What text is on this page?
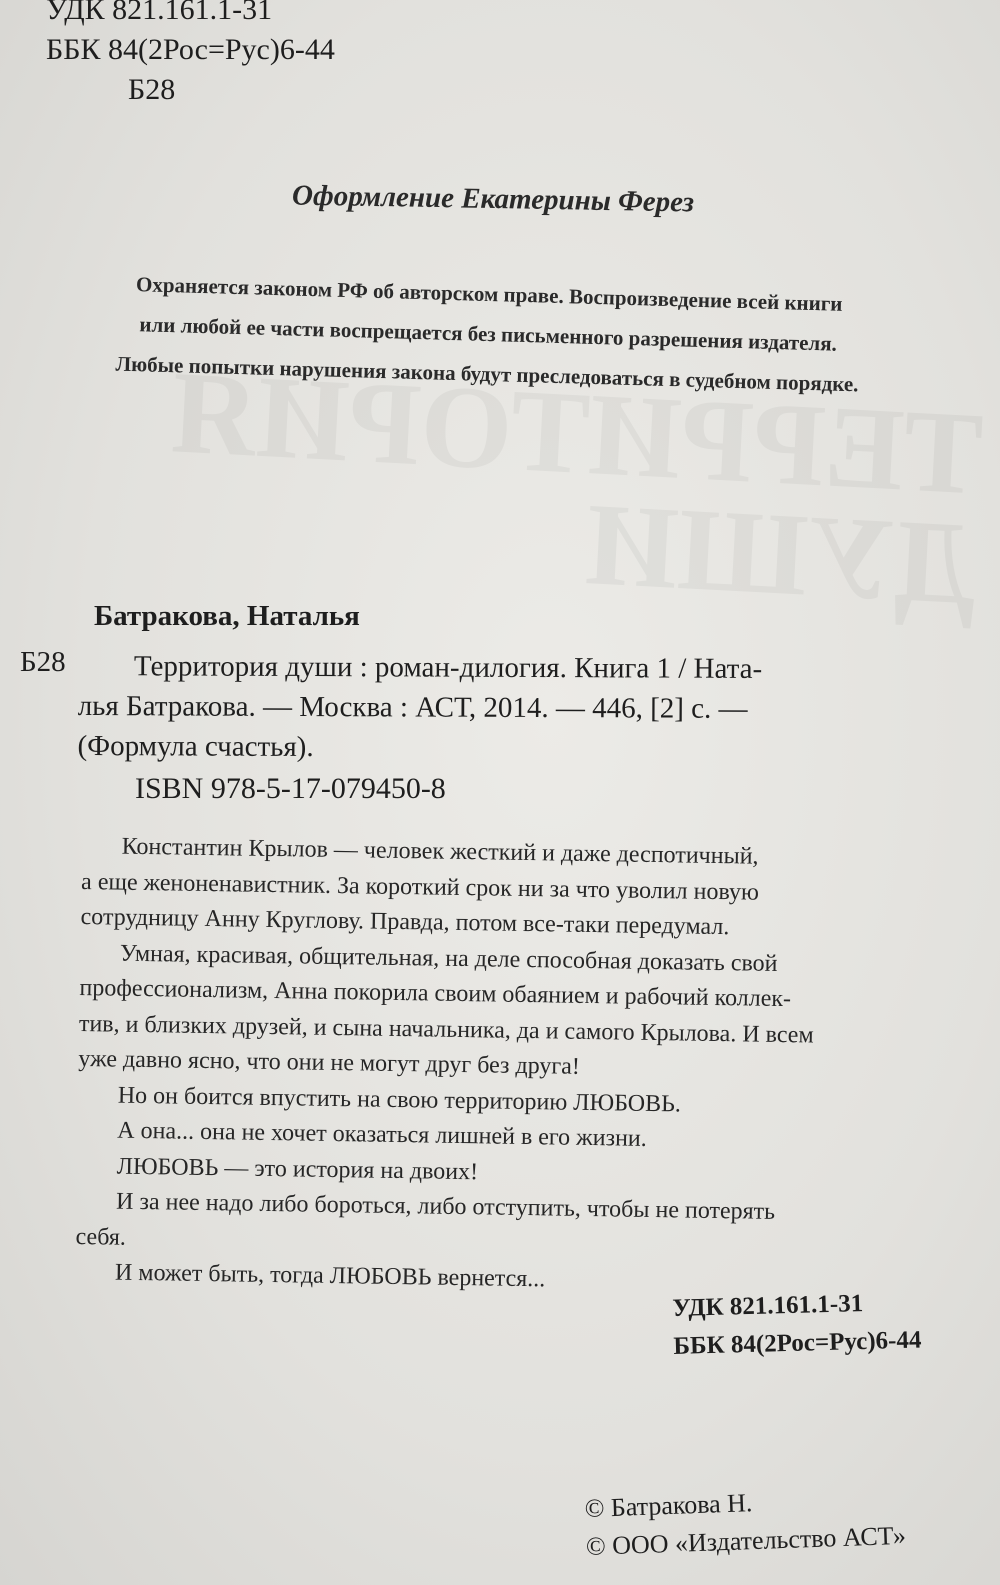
УДК 821.161.1-31
ББК 84(2Рос=Рус)6-44
Б28
Оформление Екатерины Ферез
Охраняется законом РФ об авторском праве. Воспроизведение всей книги
или любой ее части воспрещается без письменного разрешения издателя.
Любые попытки нарушения закона будут преследоваться в судебном порядке.
Батракова, Наталья
Б28	Территория души : роман-дилогия. Книга 1 / Ната-
лья Батракова. — Москва : АСТ, 2014. — 446, [2] с. —
(Формула счастья).
ISBN 978-5-17-079450-8
Константин Крылов — человек жесткий и даже деспотичный,
а еще женоненавистник. За короткий срок ни за что уволил новую
сотрудницу Анну Круглову. Правда, потом все-таки передумал.
Умная, красивая, общительная, на деле способная доказать свой
профессионализм, Анна покорила своим обаянием и рабочий коллек-
тив, и близких друзей, и сына начальника, да и самого Крылова. И всем
уже давно ясно, что они не могут друг без друга!
Но он боится впустить на свою территорию ЛЮБОВЬ.
А она... она не хочет оказаться лишней в его жизни.
ЛЮБОВЬ — это история на двоих!
И за нее надо либо бороться, либо отступить, чтобы не потерять
себя.
И может быть, тогда ЛЮБОВЬ вернется...
УДК 821.161.1-31
ББК 84(2Рос=Рус)6-44
© Батракова Н.
© ООО «Издательство АСТ»
